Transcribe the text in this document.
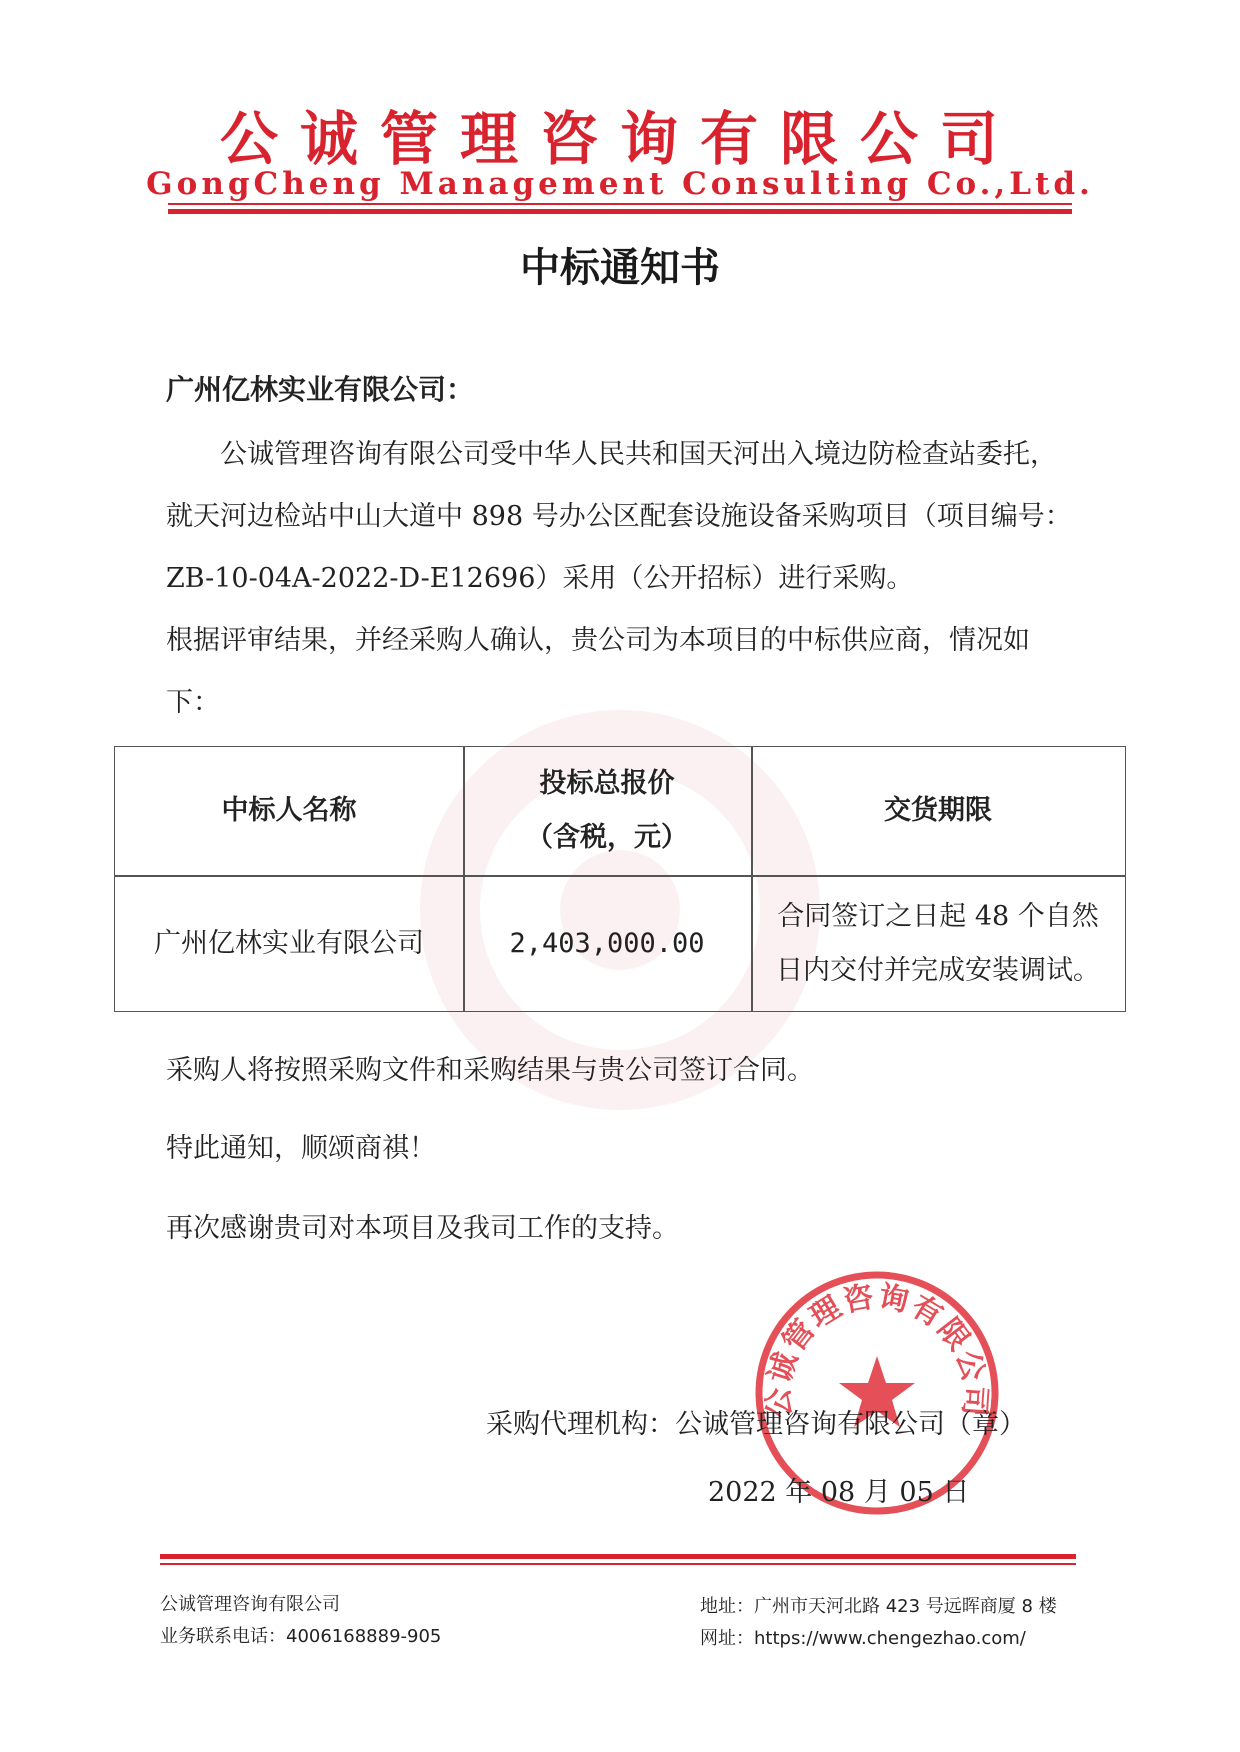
公诚管理咨询有限公司
GongCheng Management Consulting Co.,Ltd.
中标通知书
广州亿林实业有限公司：

公诚管理咨询有限公司受中华人民共和国天河出入境边防检查站委托，就天河边检站中山大道中 898 号办公区配套设施设备采购项目（项目编号：ZB-10-04A-2022-D-E12696）采用（公开招标）进行采购。

根据评审结果，并经采购人确认，贵公司为本项目的中标供应商，情况如下：

中标人名称
投标总报价
（含税，元）
交货期限
广州亿林实业有限公司	2,403,000.00
合同签订之日起 48 个自然
日内交付并完成安装调试。
采购人将按照采购文件和采购结果与贵公司签订合同。
特此通知，顺颂商祺！
再次感谢贵司对本项目及我司工作的支持。
公诚管理咨询有限公司
采购代理机构：公诚管理咨询有限公司（章）
2022 年 08 月 05 日
公诚管理咨询有限公司
业务联系电话：4006168889-905
地址：广州市天河北路 423 号远晖商厦 8 楼
网址：https://www.chengezhao.com/
